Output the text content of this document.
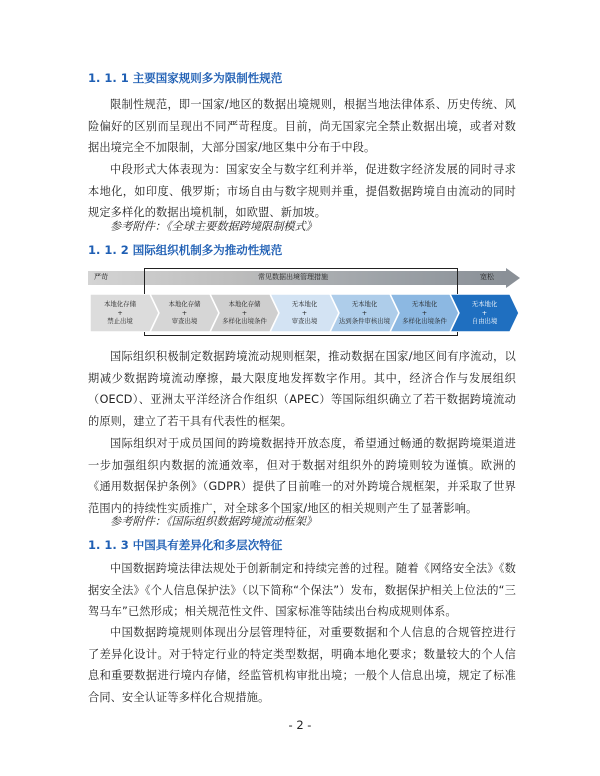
1. 1. 1 主要国家规则多为限制性规范

限制性规范，即一国家/地区的数据出境规则，根据当地法律体系、历史传统、风险偏好的区别而呈现出不同严苛程度。目前，尚无国家完全禁止数据出境，或者对数据出境完全不加限制，大部分国家/地区集中分布于中段。

中段形式大体表现为：国家安全与数字红利并举，促进数字经济发展的同时寻求本地化，如印度、俄罗斯；市场自由与数字规则并重，提倡数据跨境自由流动的同时规定多样化的数据出境机制，如欧盟、新加坡。

参考附件：《全球主要数据跨境限制模式》
1. 1. 2 国际组织机制多为推动性规范
严苛	常见数据出境管理措施	宽松
本地化存储
+
禁止出境
本地化存储
+
审查出境
本地化存储
+
多样化出境条件
无本地化
+
审查出境
无本地化
+
达到条件审核出境
无本地化
+
多样化出境条件
无本地化
+
自由出境

国际组织积极制定数据跨境流动规则框架，推动数据在国家/地区间有序流动，以期减少数据跨境流动摩擦，最大限度地发挥数字作用。其中，经济合作与发展组织（OECD）、亚洲太平洋经济合作组织（APEC）等国际组织确立了若干数据跨境流动的原则，建立了若干具有代表性的框架。

国际组织对于成员国间的跨境数据持开放态度，希望通过畅通的数据跨境渠道进一步加强组织内数据的流通效率，但对于数据对组织外的跨境则较为谨慎。欧洲的《通用数据保护条例》（GDPR）提供了目前唯一的对外跨境合规框架，并采取了世界范围内的持续性实质推广，对全球多个国家/地区的相关规则产生了显著影响。

参考附件：《国际组织数据跨境流动框架》
1. 1. 3 中国具有差异化和多层次特征

中国数据跨境法律法规处于创新制定和持续完善的过程。随着《网络安全法》《数据安全法》《个人信息保护法》（以下简称“个保法”）发布，数据保护相关上位法的“三驾马车”已然形成；相关规范性文件、国家标准等陆续出台构成规则体系。

中国数据跨境规则体现出分层管理特征，对重要数据和个人信息的合规管控进行了差异化设计。对于特定行业的特定类型数据，明确本地化要求；数量较大的个人信息和重要数据进行境内存储，经监管机构审批出境；一般个人信息出境，规定了标准合同、安全认证等多样化合规措施。

- 2 -
